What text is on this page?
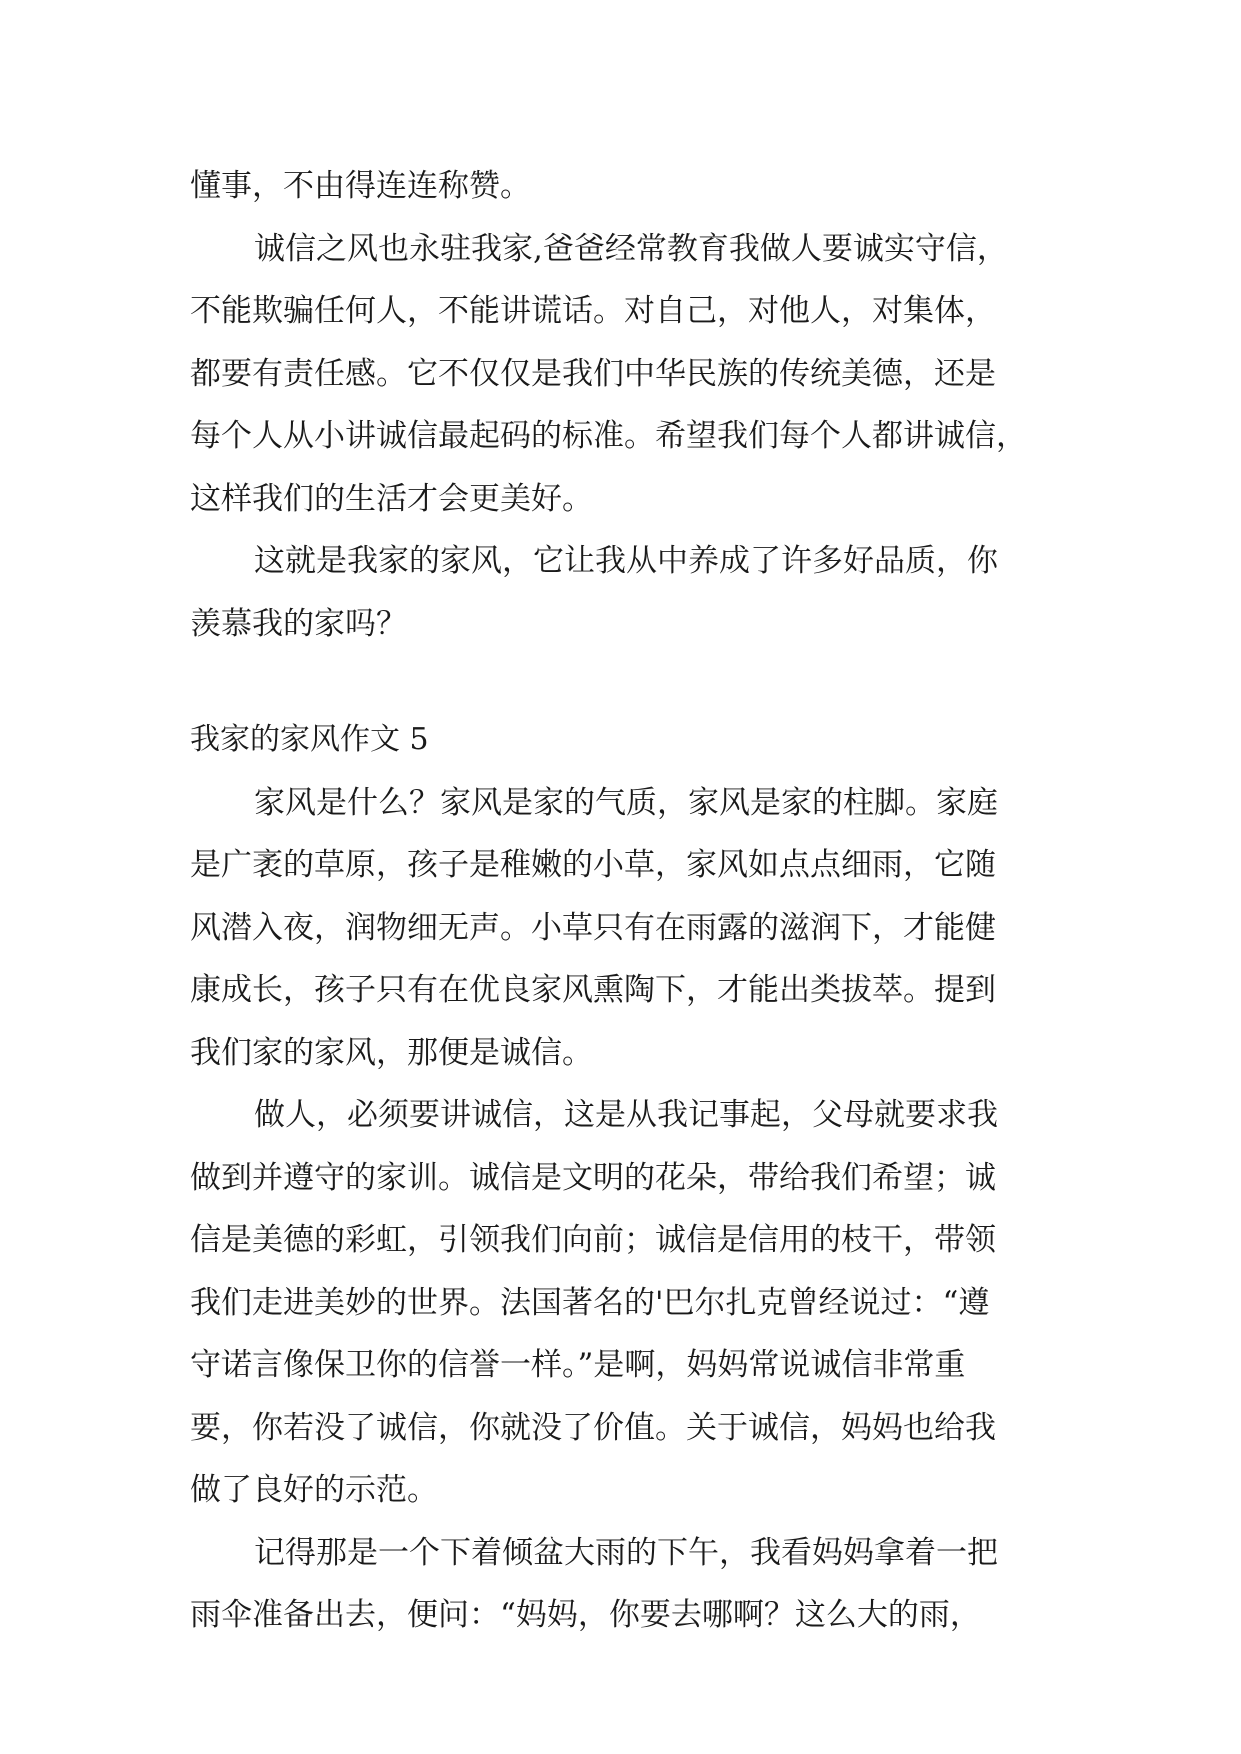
懂事，不由得连连称赞。

诚信之风也永驻我家,爸爸经常教育我做人要诚实守信，

不能欺骗任何人，不能讲谎话。对自己，对他人，对集体，

都要有责任感。它不仅仅是我们中华民族的传统美德，还是

每个人从小讲诚信最起码的标准。希望我们每个人都讲诚信，

这样我们的生活才会更美好。

这就是我家的家风，它让我从中养成了许多好品质，你

羡慕我的家吗？

我家的家风作文 5

家风是什么？家风是家的气质，家风是家的柱脚。家庭

是广袤的草原，孩子是稚嫩的小草，家风如点点细雨，它随

风潜入夜，润物细无声。小草只有在雨露的滋润下，才能健

康成长，孩子只有在优良家风熏陶下，才能出类拔萃。提到

我们家的家风，那便是诚信。

做人，必须要讲诚信，这是从我记事起，父母就要求我

做到并遵守的家训。诚信是文明的花朵，带给我们希望；诚

信是美德的彩虹，引领我们向前；诚信是信用的枝干，带领

我们走进美妙的世界。法国著名的'巴尔扎克曾经说过：“遵

守诺言像保卫你的信誉一样。”是啊，妈妈常说诚信非常重

要，你若没了诚信，你就没了价值。关于诚信，妈妈也给我

做了良好的示范。

记得那是一个下着倾盆大雨的下午，我看妈妈拿着一把

雨伞准备出去，便问：“妈妈，你要去哪啊？这么大的雨，
